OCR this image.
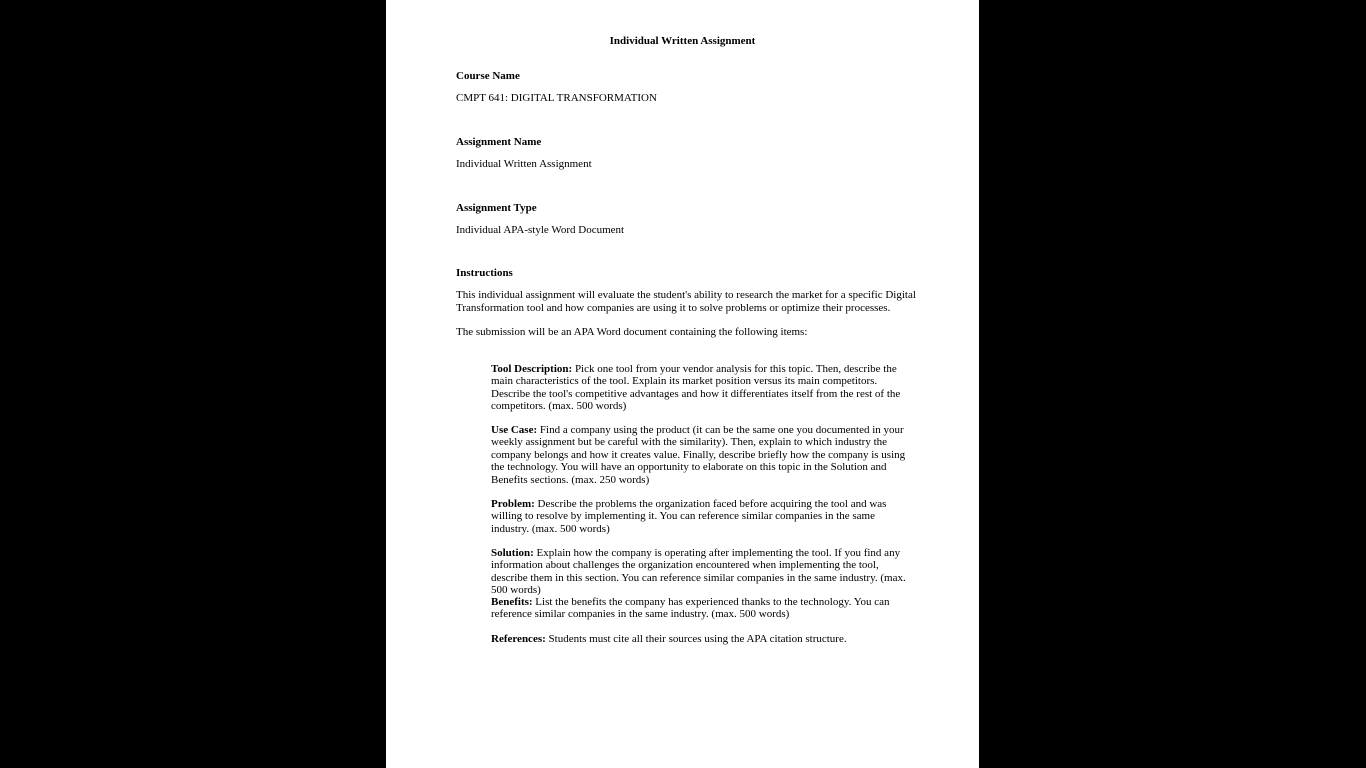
Individual Written Assignment
Course Name
CMPT 641: DIGITAL TRANSFORMATION
Assignment Name
Individual Written Assignment
Assignment Type
Individual APA-style Word Document
Instructions
This individual assignment will evaluate the student's ability to research the market for a specific Digital Transformation tool and how companies are using it to solve problems or optimize their processes.
The submission will be an APA Word document containing the following items:
Tool Description: Pick one tool from your vendor analysis for this topic. Then, describe the main characteristics of the tool. Explain its market position versus its main competitors. Describe the tool's competitive advantages and how it differentiates itself from the rest of the competitors. (max. 500 words)
Use Case: Find a company using the product (it can be the same one you documented in your weekly assignment but be careful with the similarity). Then, explain to which industry the company belongs and how it creates value. Finally, describe briefly how the company is using the technology. You will have an opportunity to elaborate on this topic in the Solution and Benefits sections. (max. 250 words)
Problem: Describe the problems the organization faced before acquiring the tool and was willing to resolve by implementing it. You can reference similar companies in the same industry. (max. 500 words)
Solution: Explain how the company is operating after implementing the tool. If you find any information about challenges the organization encountered when implementing the tool, describe them in this section. You can reference similar companies in the same industry. (max. 500 words)
Benefits: List the benefits the company has experienced thanks to the technology. You can reference similar companies in the same industry. (max. 500 words)
References: Students must cite all their sources using the APA citation structure.
